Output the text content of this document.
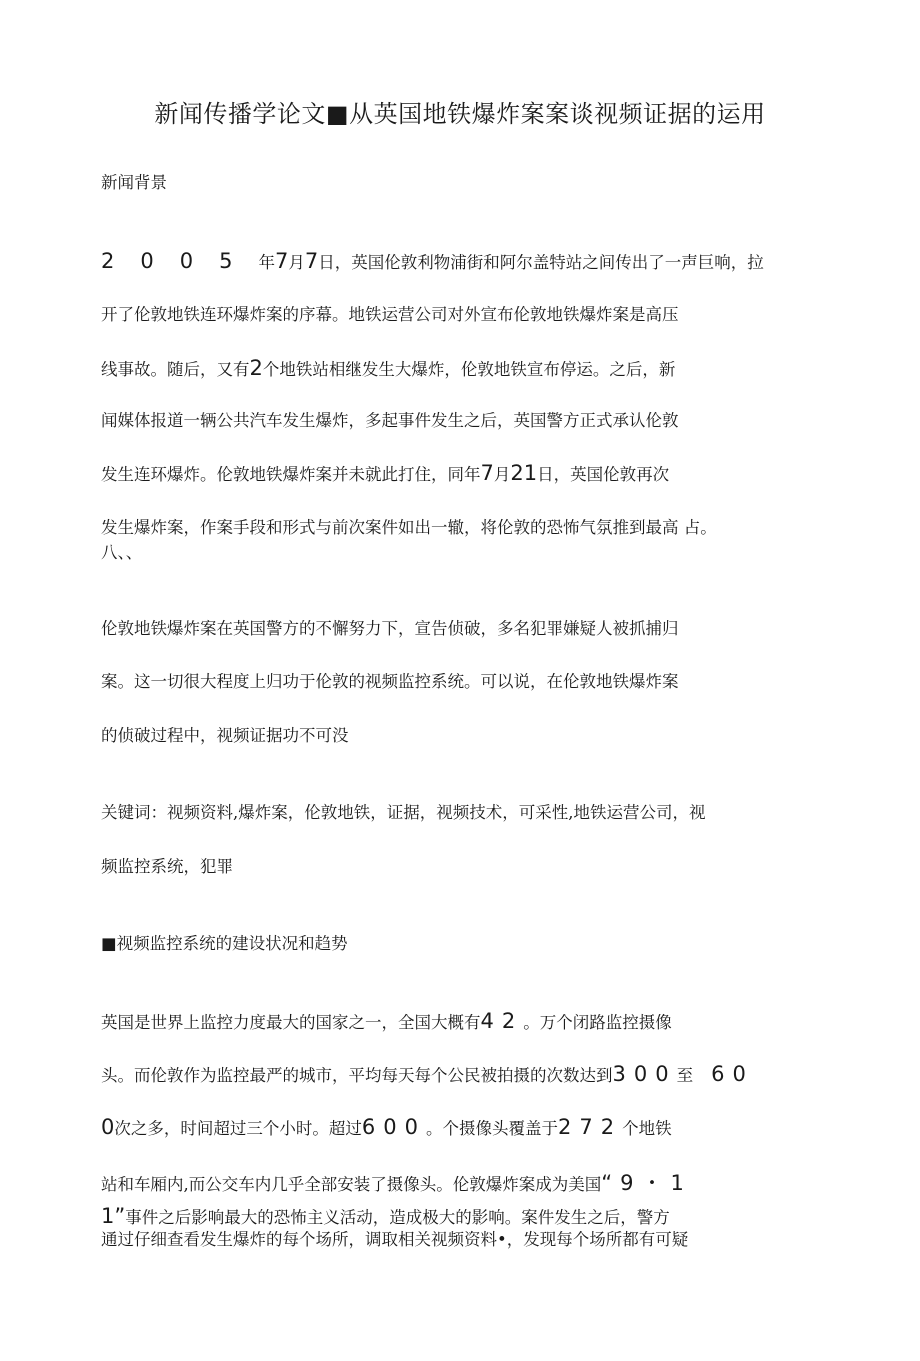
新闻传播学论文■从英国地铁爆炸案案谈视频证据的运用
新闻背景
2005年7月7日，英国伦敦利物浦街和阿尔盖特站之间传出了一声巨响，拉
开了伦敦地铁连环爆炸案的序幕。地铁运营公司对外宣布伦敦地铁爆炸案是高压
线事故。随后，又有2个地铁站相继发生大爆炸，伦敦地铁宣布停运。之后，新
闻媒体报道一辆公共汽车发生爆炸，多起事件发生之后，英国警方正式承认伦敦
发生连环爆炸。伦敦地铁爆炸案并未就此打住，同年7月21日，英国伦敦再次
发生爆炸案，作案手段和形式与前次案件如出一辙，将伦敦的恐怖气氛推到最高 占。
八、、
伦敦地铁爆炸案在英国警方的不懈努力下，宣告侦破，多名犯罪嫌疑人被抓捕归
案。这一切很大程度上归功于伦敦的视频监控系统。可以说，在伦敦地铁爆炸案
的侦破过程中，视频证据功不可没
关键词：视频资料,爆炸案，伦敦地铁，证据，视频技术，可采性,地铁运营公司，视
频监控系统，犯罪
■视频监控系统的建设状况和趋势
英国是世界上监控力度最大的国家之一，全国大概有42。万个闭路监控摄像
头。而伦敦作为监控最严的城市，平均每天每个公民被拍摄的次数达到300至 60
0次之多，时间超过三个小时。超过600。个摄像头覆盖于272个地铁
站和车厢内,而公交车内几乎全部安装了摄像头。伦敦爆炸案成为美国“9・1
1”事件之后影响最大的恐怖主义活动，造成极大的影响。案件发生之后，警方
通过仔细查看发生爆炸的每个场所，调取相关视频资料•，发现每个场所都有可疑
